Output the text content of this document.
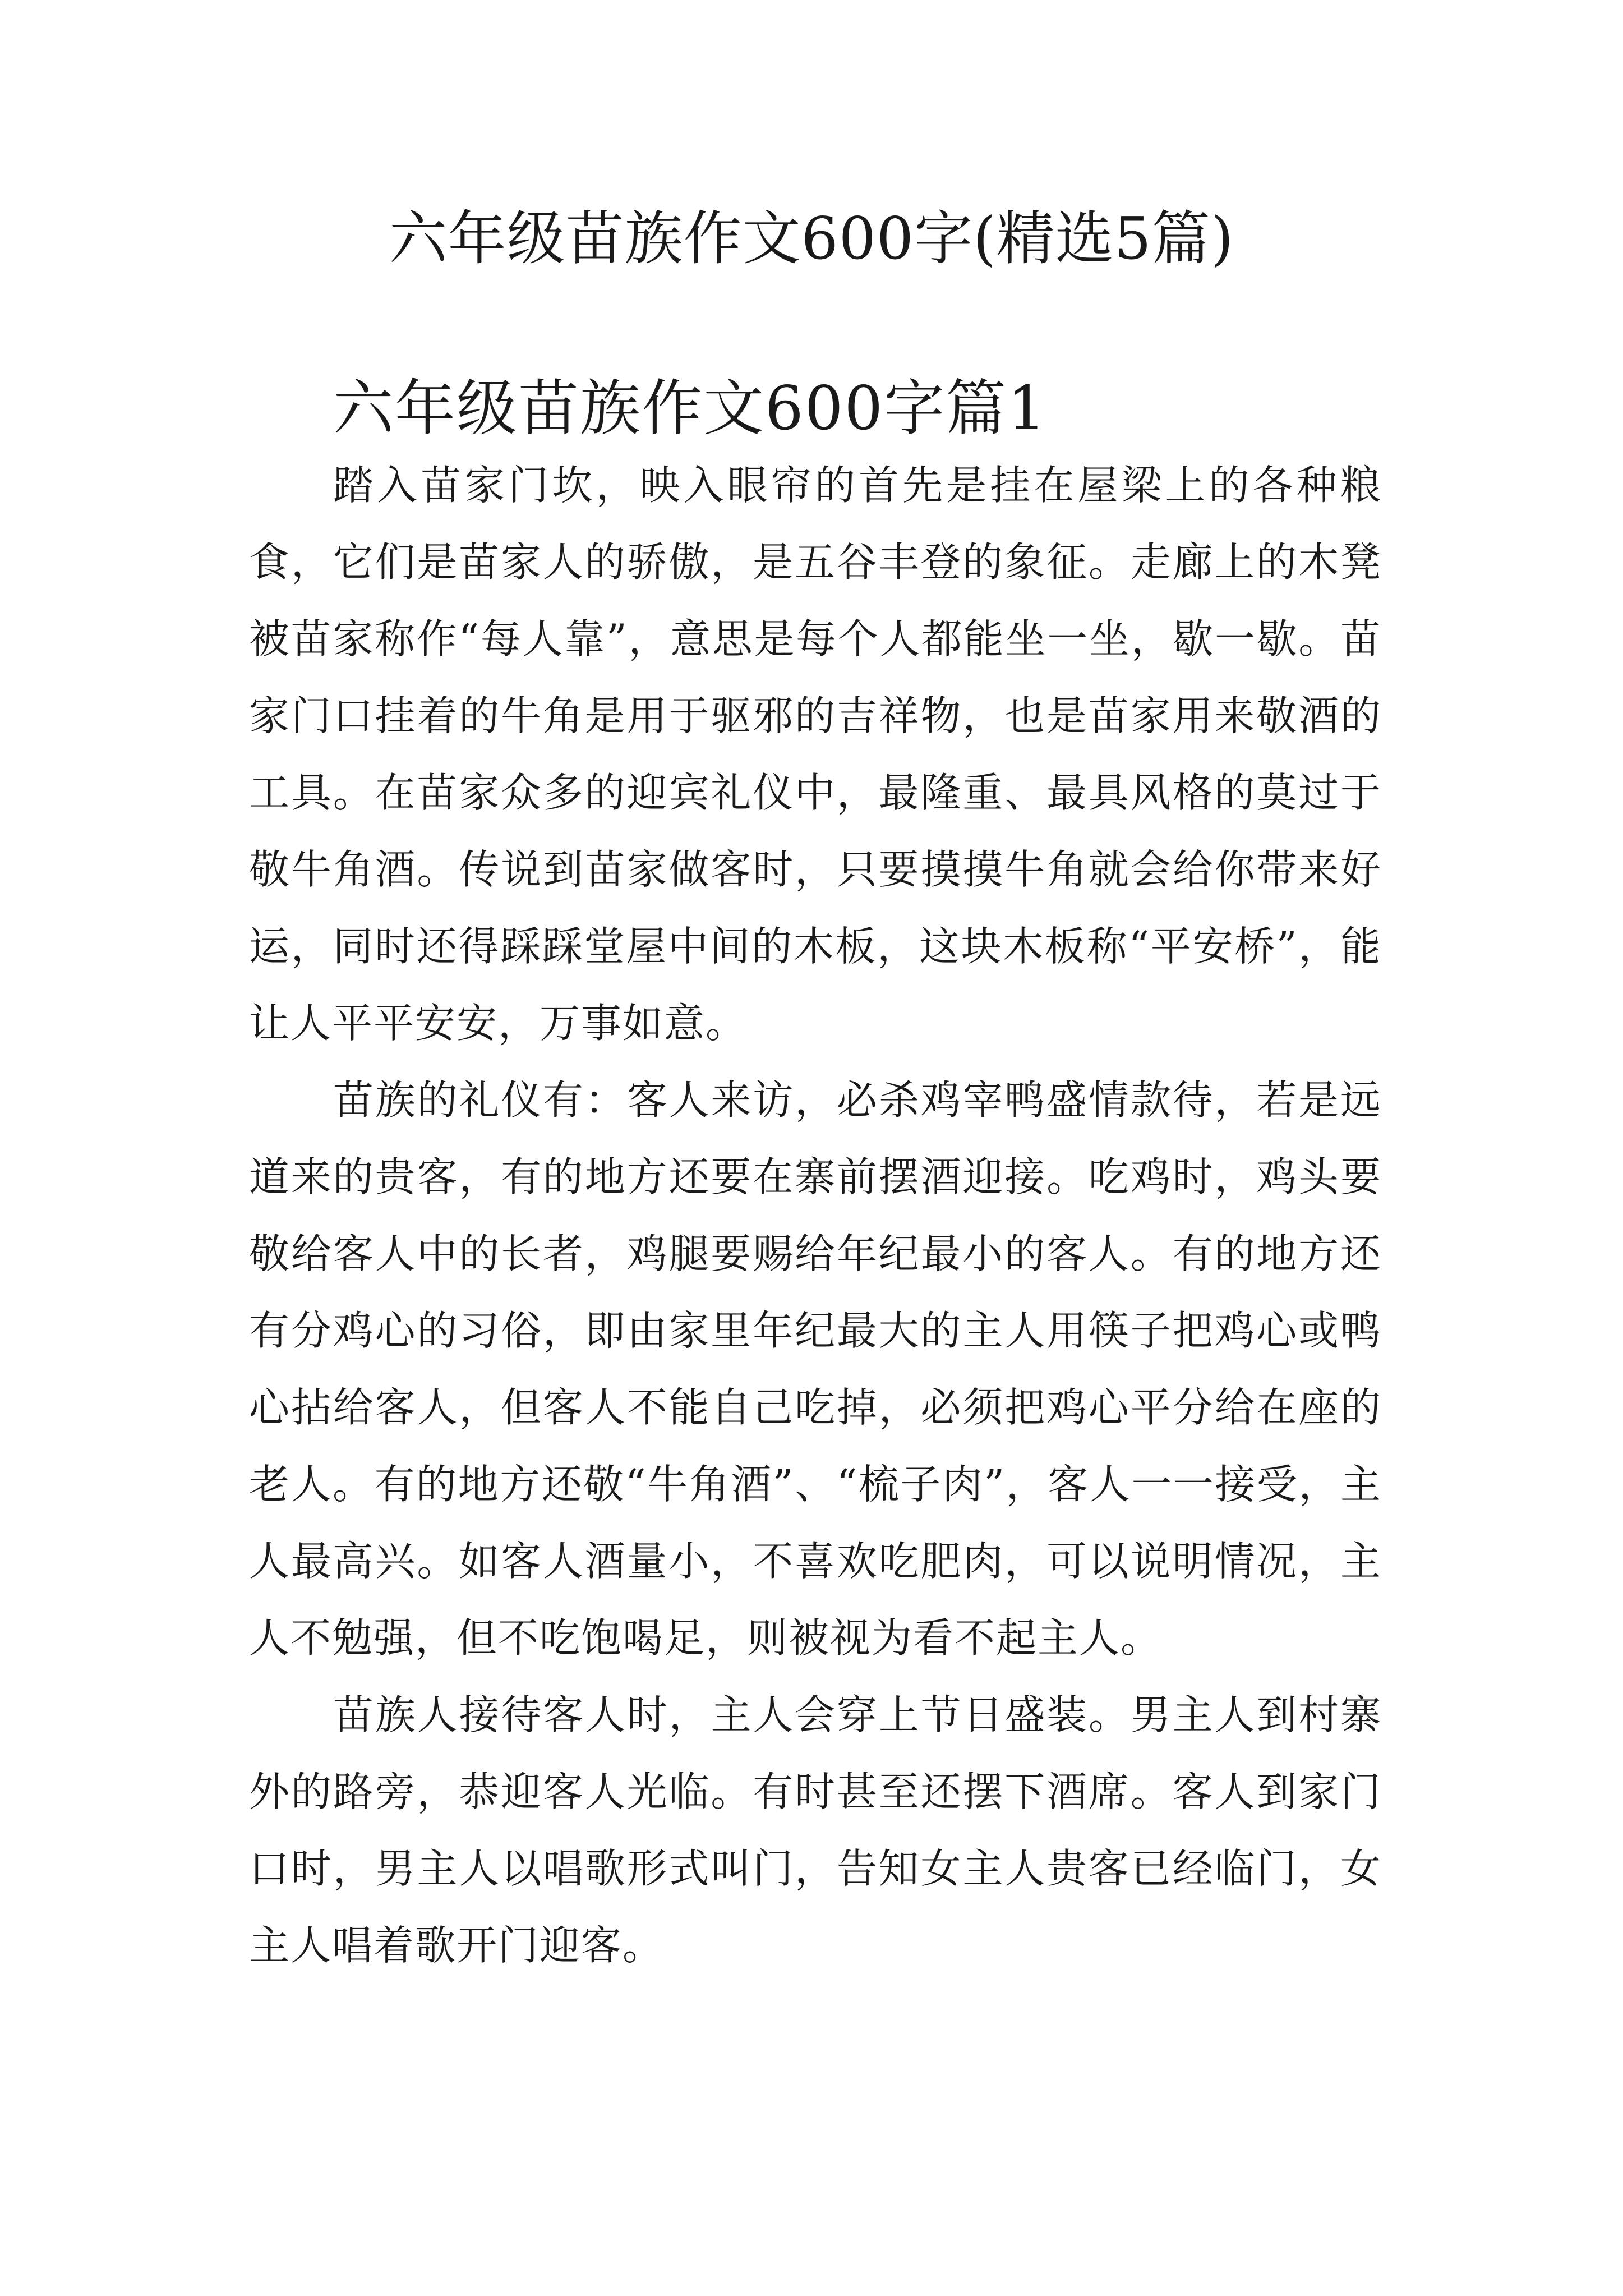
六年级苗族作文600字(精选5篇)
六年级苗族作文600字篇1

踏入苗家门坎，映入眼帘的首先是挂在屋梁上的各种粮食，它们是苗家人的骄傲，是五谷丰登的象征。走廊上的木凳被苗家称作“每人靠”，意思是每个人都能坐一坐，歇一歇。苗家门口挂着的牛角是用于驱邪的吉祥物，也是苗家用来敬酒的工具。在苗家众多的迎宾礼仪中，最隆重、最具风格的莫过于敬牛角酒。传说到苗家做客时，只要摸摸牛角就会给你带来好运，同时还得踩踩堂屋中间的木板，这块木板称“平安桥”，能让人平平安安，万事如意。

苗族的礼仪有：客人来访，必杀鸡宰鸭盛情款待，若是远道来的贵客，有的地方还要在寨前摆酒迎接。吃鸡时，鸡头要敬给客人中的长者，鸡腿要赐给年纪最小的客人。有的地方还有分鸡心的习俗，即由家里年纪最大的主人用筷子把鸡心或鸭心拈给客人，但客人不能自己吃掉，必须把鸡心平分给在座的老人。有的地方还敬“牛角酒”、“梳子肉”，客人一一接受，主人最高兴。如客人酒量小，不喜欢吃肥肉，可以说明情况，主人不勉强，但不吃饱喝足，则被视为看不起主人。

苗族人接待客人时，主人会穿上节日盛装。男主人到村寨外的路旁，恭迎客人光临。有时甚至还摆下酒席。客人到家门口时，男主人以唱歌形式叫门，告知女主人贵客已经临门，女主人唱着歌开门迎客。
